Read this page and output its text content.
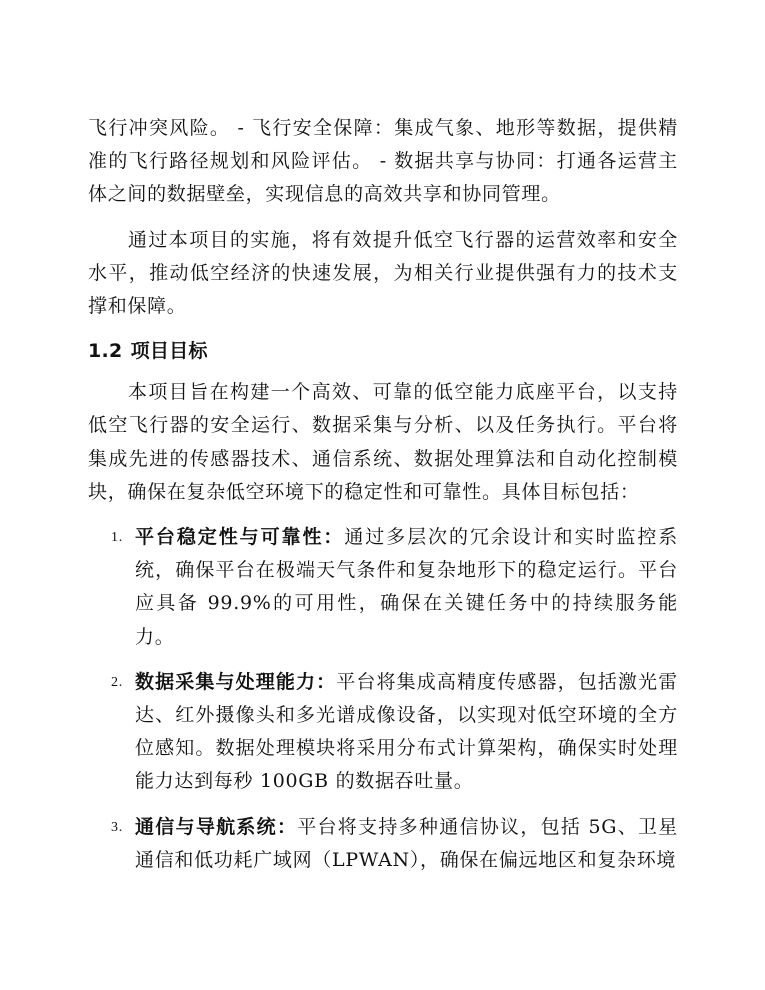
飞行冲突风险。 - 飞行安全保障：集成气象、地形等数据，提供精准的飞行路径规划和风险评估。 - 数据共享与协同：打通各运营主体之间的数据壁垒，实现信息的高效共享和协同管理。

通过本项目的实施，将有效提升低空飞行器的运营效率和安全水平，推动低空经济的快速发展，为相关行业提供强有力的技术支撑和保障。

1.2 项目目标

本项目旨在构建一个高效、可靠的低空能力底座平台，以支持低空飞行器的安全运行、数据采集与分析、以及任务执行。平台将集成先进的传感器技术、通信系统、数据处理算法和自动化控制模块，确保在复杂低空环境下的稳定性和可靠性。具体目标包括：

1. 平台稳定性与可靠性：通过多层次的冗余设计和实时监控系统，确保平台在极端天气条件和复杂地形下的稳定运行。平台应具备 99.9%的可用性，确保在关键任务中的持续服务能力。
2. 数据采集与处理能力：平台将集成高精度传感器，包括激光雷达、红外摄像头和多光谱成像设备，以实现对低空环境的全方位感知。数据处理模块将采用分布式计算架构，确保实时处理能力达到每秒 100GB 的数据吞吐量。
3. 通信与导航系统：平台将支持多种通信协议，包括 5G、卫星通信和低功耗广域网（LPWAN），确保在偏远地区和复杂环境
